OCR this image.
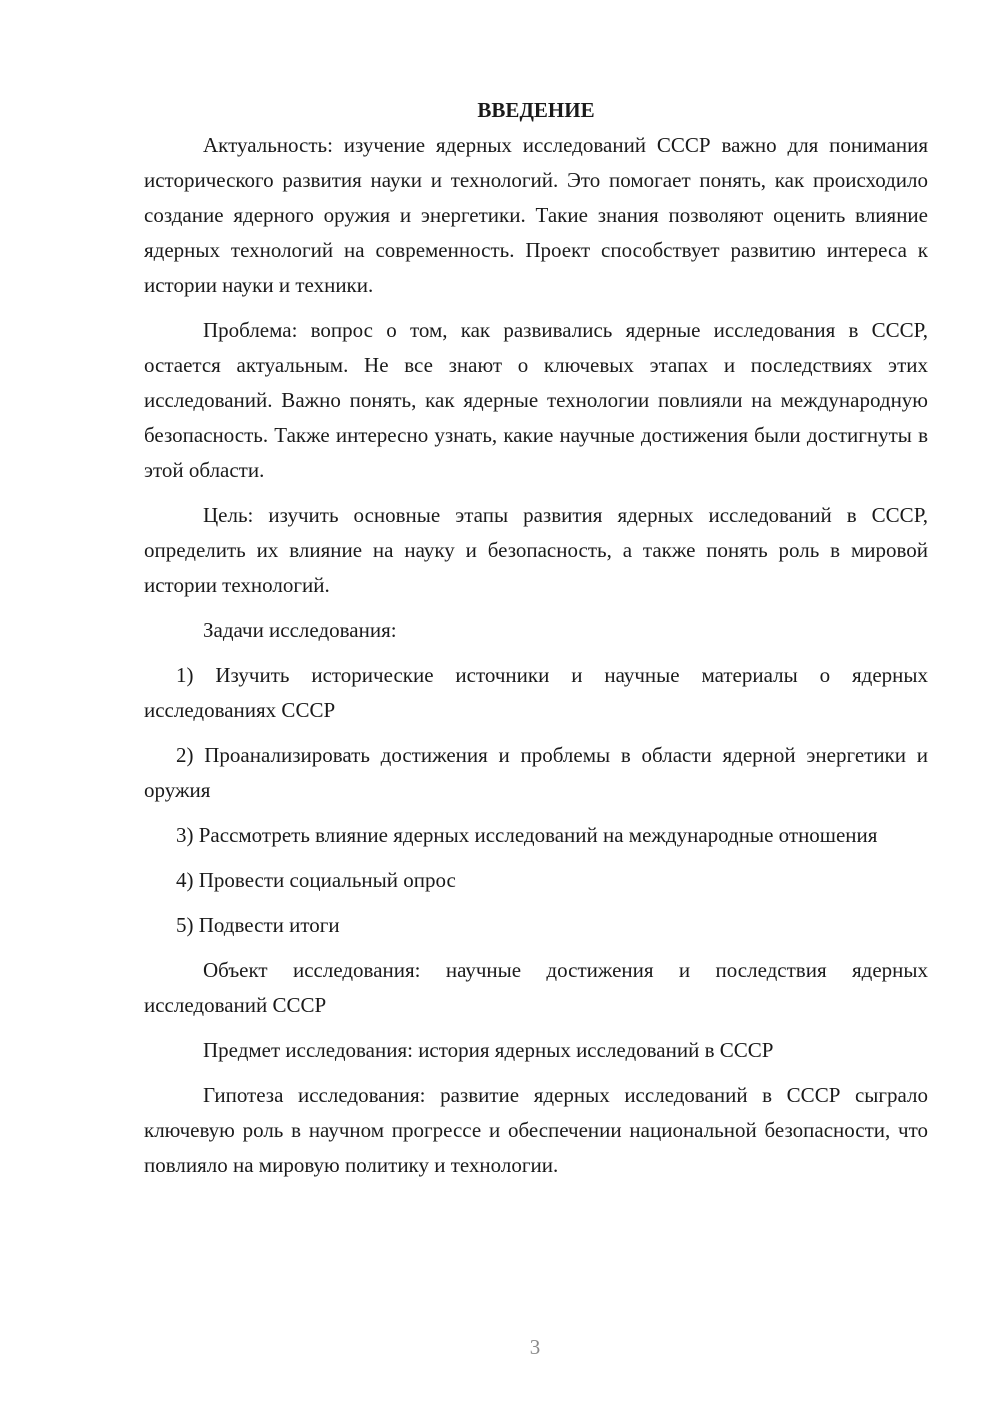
ВВЕДЕНИЕ

Актуальность: изучение ядерных исследований СССР важно для понимания исторического развития науки и технологий. Это помогает понять, как происходило создание ядерного оружия и энергетики. Такие знания позволяют оценить влияние ядерных технологий на современность. Проект способствует развитию интереса к истории науки и техники.

Проблема: вопрос о том, как развивались ядерные исследования в СССР, остается актуальным. Не все знают о ключевых этапах и последствиях этих исследований. Важно понять, как ядерные технологии повлияли на международную безопасность. Также интересно узнать, какие научные достижения были достигнуты в этой области.

Цель: изучить основные этапы развития ядерных исследований в СССР, определить их влияние на науку и безопасность, а также понять роль в мировой истории технологий.

Задачи исследования:

1) Изучить исторические источники и научные материалы о ядерных исследованиях СССР

2) Проанализировать достижения и проблемы в области ядерной энергетики и оружия

3) Рассмотреть влияние ядерных исследований на международные отношения

4) Провести социальный опрос

5) Подвести итоги

Объект исследования: научные достижения и последствия ядерных исследований СССР

Предмет исследования: история ядерных исследований в СССР

Гипотеза исследования: развитие ядерных исследований в СССР сыграло ключевую роль в научном прогрессе и обеспечении национальной безопасности, что повлияло на мировую политику и технологии.

3
